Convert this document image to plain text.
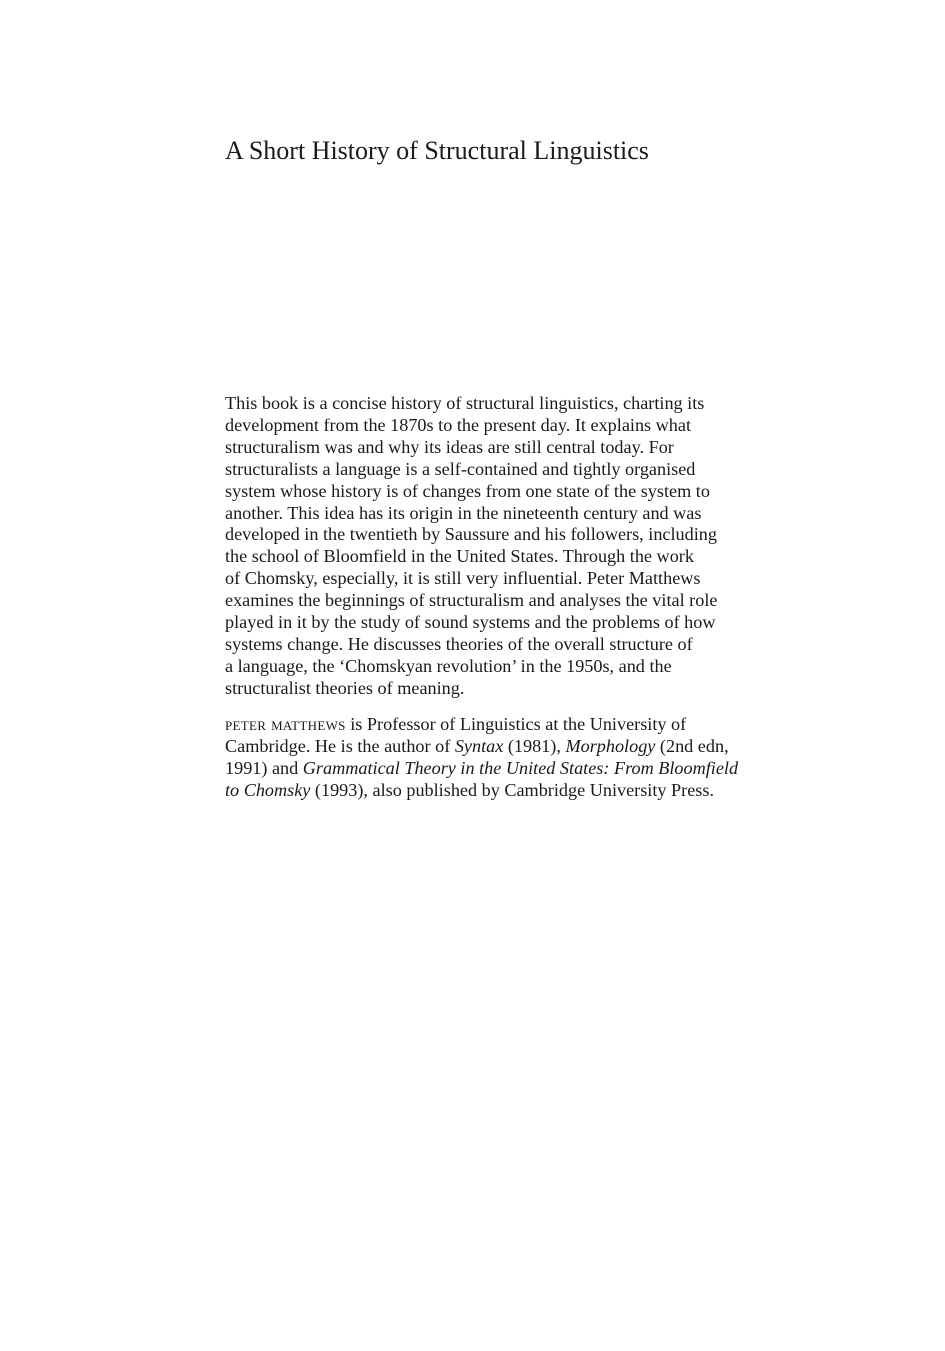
A Short History of Structural Linguistics
This book is a concise history of structural linguistics, charting its
development from the 1870s to the present day. It explains what
structuralism was and why its ideas are still central today. For
structuralists a language is a self-contained and tightly organised
system whose history is of changes from one state of the system to
another. This idea has its origin in the nineteenth century and was
developed in the twentieth by Saussure and his followers, including
the school of Bloomfield in the United States. Through the work
of Chomsky, especially, it is still very influential. Peter Matthews
examines the beginnings of structuralism and analyses the vital role
played in it by the study of sound systems and the problems of how
systems change. He discusses theories of the overall structure of
a language, the ‘Chomskyan revolution’ in the 1950s, and the
structuralist theories of meaning.
peter matthews is Professor of Linguistics at the University of
Cambridge. He is the author of Syntax (1981), Morphology (2nd edn,
1991) and Grammatical Theory in the United States: From Bloomfield
to Chomsky (1993), also published by Cambridge University Press.
